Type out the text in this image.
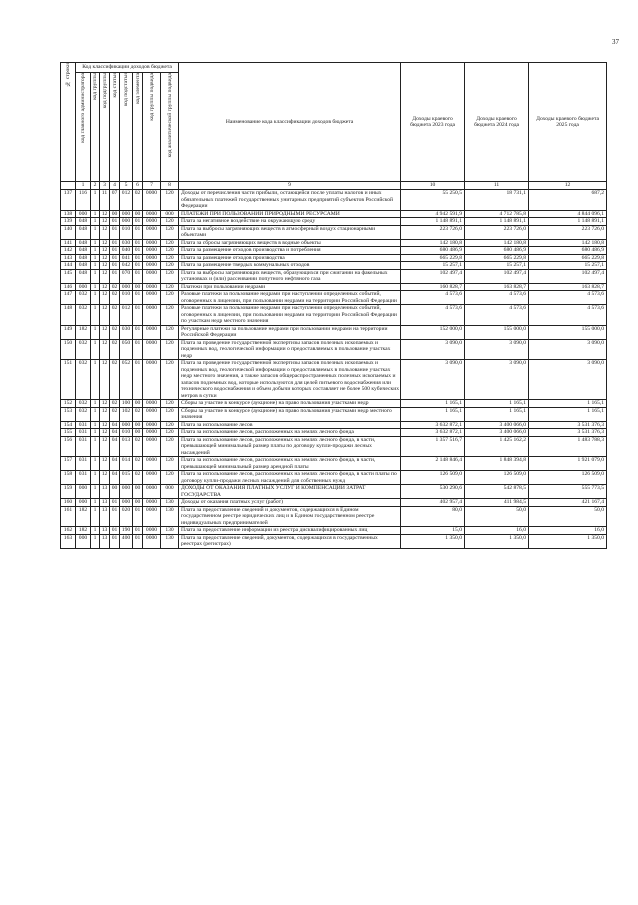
37
№ строки	Код классификации доходов бюджета								Наименование кода классификации доходов бюджета	Доходы краевого бюджета 2023 года	Доходы краевого бюджета 2024 года	Доходы краевого бюджета 2025 года
	код главного администратора	код группы	код подгруппы	код статьи	код подстатьи	код элемента	код группы подвида	код аналитической группы подвида				
	1	2	3	4	5	6	7	8	9	10	11	12
137	116	1	11	07	012	02	0000	120	Доходы от перечисления части прибыли, остающейся после уплаты налогов и иных обязательных платежей государственных унитарных предприятий субъектов Российской Федерации	55 250,5	18 731,1	687,2
138	000	1	12	00	000	00	0000	000	ПЛАТЕЖИ ПРИ ПОЛЬЗОВАНИИ ПРИРОДНЫМИ РЕСУРСАМИ	4 942 591,9	4 712 785,8	4 844 096,1
139	048	1	12	01	000	01	0000	120	Плата за негативное воздействие на окружающую среду	1 148 891,1	1 148 891,1	1 148 891,1
140	048	1	12	01	010	01	0000	120	Плата за выбросы загрязняющих веществ в атмосферный воздух стационарными объектами	223 726,0	223 726,0	223 726,0
141	048	1	12	01	030	01	0000	120	Плата за сбросы загрязняющих веществ в водные объекты	142 180,8	142 180,8	142 180,8
142	048	1	12	01	040	01	0000	120	Плата за размещение отходов производства и потребления	680 486,9	680 486,9	680 486,9
143	048	1	12	01	041	01	0000	120	Плата за размещение отходов производства	665 229,8	665 229,8	665 229,8
144	048	1	12	01	042	01	0000	120	Плата за размещение твердых коммунальных отходов	15 257,1	15 257,1	15 257,1
145	048	1	12	01	070	01	0000	120	Плата за выбросы загрязняющих веществ, образующихся при сжигании на факельных установках и (или) рассеивании попутного нефтяного газа	102 497,4	102 497,4	102 497,4
146	000	1	12	02	000	00	0000	120	Платежи при пользовании недрами	160 828,7	163 828,7	163 828,7
147	032	1	12	02	010	01	0000	120	Разовые платежи за пользование недрами при наступлении определенных событий, оговоренных в лицензии, при пользовании недрами на территории Российской Федерации	4 573,6	4 573,6	4 573,6
148	032	1	12	02	012	01	0000	120	Разовые платежи за пользование недрами при наступлении определенных событий, оговоренных в лицензии, при пользовании недрами на территории Российской Федерации по участкам недр местного значения	4 573,6	4 573,6	4 573,6
149	182	1	12	02	030	01	0000	120	Регулярные платежи за пользование недрами при пользовании недрами на территории Российской Федерации	152 000,0	155 000,0	155 000,0
150	032	1	12	02	050	01	0000	120	Плата за проведение государственной экспертизы запасов полезных ископаемых и подземных вод, геологической информации о предоставляемых в пользование участках недр	3 090,0	3 090,0	3 090,0
151	032	1	12	02	052	01	0000	120	Плата за проведение государственной экспертизы запасов полезных ископаемых и подземных вод, геологической информации о предоставляемых в пользование участках недр местного значения, а также запасов общераспространенных полезных ископаемых и запасов подземных вод, которые используются для целей питьевого водоснабжения или технического водоснабжения и объем добычи которых составляет не более 500 кубических метров в сутки	3 090,0	3 090,0	3 090,0
152	032	1	12	02	100	00	0000	120	Сборы за участие в конкурсе (аукционе) на право пользования участками недр	1 165,1	1 165,1	1 165,1
153	032	1	12	02	102	02	0000	120	Сборы за участие в конкурсе (аукционе) на право пользования участками недр местного значения	1 165,1	1 165,1	1 165,1
154	031	1	12	04	000	00	0000	120	Плата за использование лесов	3 632 872,1	3 400 066,0	3 531 376,3
155	031	1	12	04	010	00	0000	120	Плата за использование лесов, расположенных на землях лесного фонда	3 632 872,1	3 400 066,0	3 531 376,3
156	031	1	12	04	013	02	0000	120	Плата за использование лесов, расположенных на землях лесного фонда, в части, превышающей минимальный размер платы по договору купли-продажи лесных насаждений	1 357 516,7	1 425 162,2	1 483 788,3
157	031	1	12	04	014	02	0000	120	Плата за использование лесов, расположенных на землях лесного фонда, в части, превышающей минимальный размер арендной платы	2 148 846,4	1 848 394,8	1 921 079,0
158	031	1	12	04	015	02	0000	120	Плата за использование лесов, расположенных на землях лесного фонда, в части платы по договору купли-продажи лесных насаждений для собственных нужд	126 509,0	126 509,0	126 509,0
159	000	1	13	00	000	00	0000	000	ДОХОДЫ ОТ ОКАЗАНИЯ ПЛАТНЫХ УСЛУГ И КОМПЕНСАЦИИ ЗАТРАТ ГОСУДАРСТВА	530 290,6	542 878,5	555 773,5
160	000	1	13	01	000	00	0000	130	Доходы от оказания платных услуг (работ)	402 957,4	411 984,5	421 167,4
161	182	1	13	01	020	01	0000	130	Плата за предоставление сведений и документов, содержащихся в Едином государственном реестре юридических лиц и в Едином государственном реестре индивидуальных предпринимателей	80,0	50,0	50,0
162	182	1	13	01	190	01	0000	130	Плата за предоставление информации из реестра дисквалифицированных лиц	15,0	16,0	16,0
163	000	1	13	01	400	01	0000	130	Плата за предоставление сведений, документов, содержащихся в государственных реестрах (регистрах)	1 350,0	1 350,0	1 350,0
